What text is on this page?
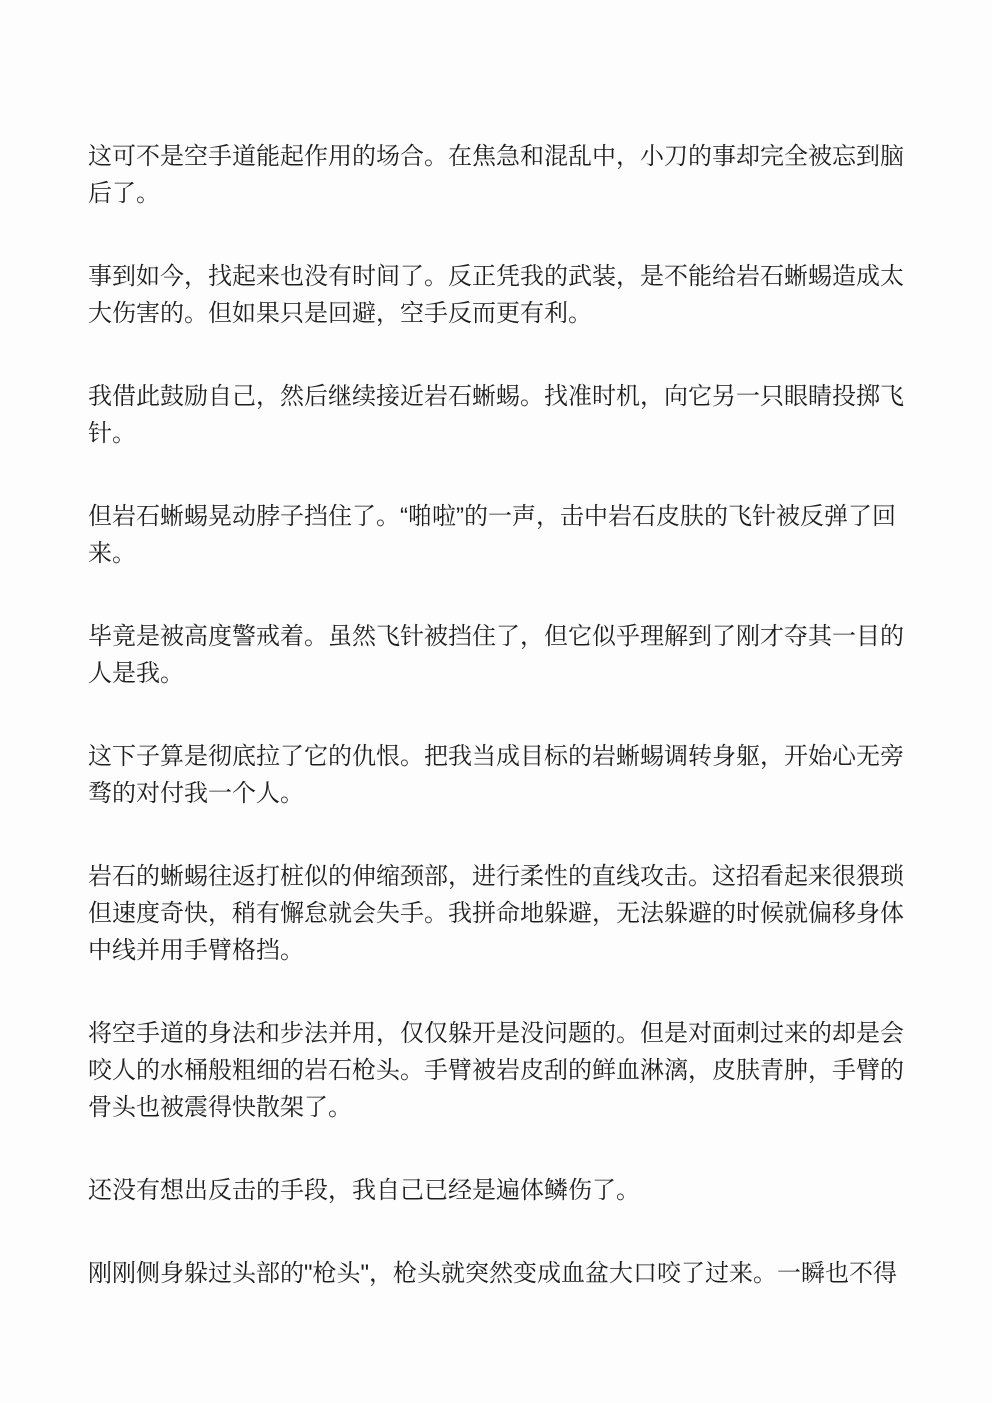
这可不是空手道能起作用的场合。在焦急和混乱中，小刀的事却完全被忘到脑后了。

事到如今，找起来也没有时间了。反正凭我的武装，是不能给岩石蜥蜴造成太大伤害的。但如果只是回避，空手反而更有利。

我借此鼓励自己，然后继续接近岩石蜥蜴。找准时机，向它另一只眼睛投掷飞针。

但岩石蜥蜴晃动脖子挡住了。“啪啦”的一声，击中岩石皮肤的飞针被反弹了回来。

毕竟是被高度警戒着。虽然飞针被挡住了，但它似乎理解到了刚才夺其一目的人是我。

这下子算是彻底拉了它的仇恨。把我当成目标的岩蜥蜴调转身躯，开始心无旁骛的对付我一个人。

岩石的蜥蜴往返打桩似的伸缩颈部，进行柔性的直线攻击。这招看起来很猥琐但速度奇快，稍有懈怠就会失手。我拼命地躲避，无法躲避的时候就偏移身体中线并用手臂格挡。

将空手道的身法和步法并用，仅仅躲开是没问题的。但是对面刺过来的却是会咬人的水桶般粗细的岩石枪头。手臂被岩皮刮的鲜血淋漓，皮肤青肿，手臂的骨头也被震得快散架了。

还没有想出反击的手段，我自己已经是遍体鳞伤了。

刚刚侧身躲过头部的"枪头"，枪头就突然变成血盆大口咬了过来。一瞬也不得
